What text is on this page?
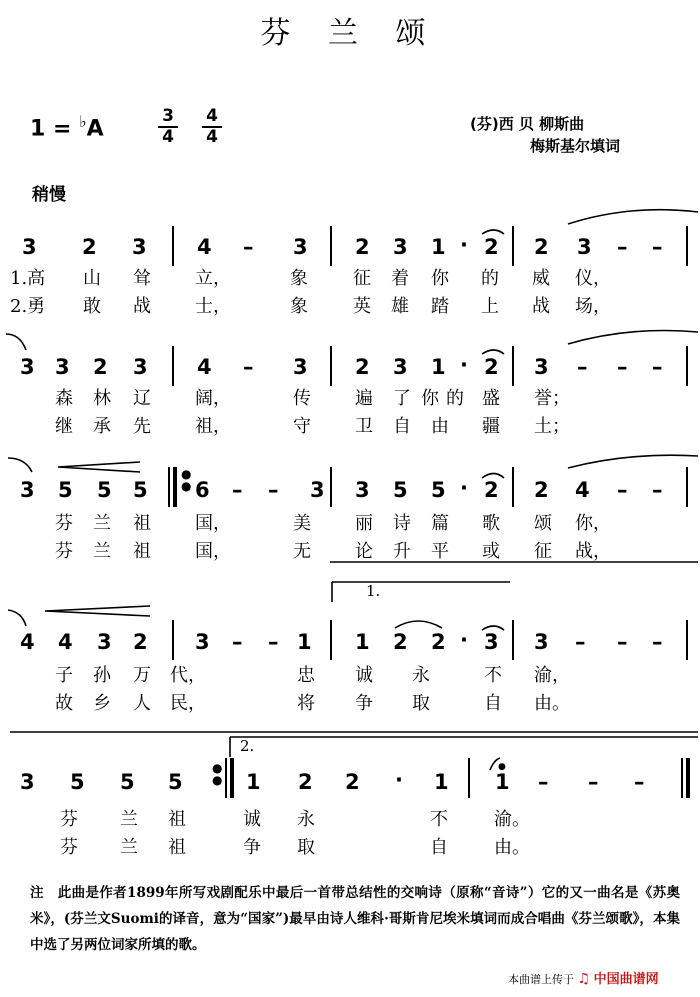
芬 兰 颂
1 = ♭A
3
4
4
4
(芬)西 贝 柳斯曲
梅斯基尔填词
稍慢
3 2 3 4 – 3 2 3 1 · 2 2 3 – –
1.高 山 耸 立，	象	征 着 你 的 威 仪，
2.勇 敢 战 士，	象	英 雄 踏 上 战 场，
3 3 2 3 4 – 3 2 3 1 · 2 3 – – –
森 林 辽 阔，	传 遍 了 你 的 盛 誉；
继 承 先 祖，	守 卫 自 由 疆 土；
3 5 5 5
●
● 6 – – 3 3 5 5 · 2 2 4 – –
芬 兰 祖 国，	美 丽 诗 篇 歌 颂 你，
芬 兰 祖 国，	无 论 升 平 或 征 战，
1.
4 4 3 2 3 – – 1 1 2 2 · 3 3 – – –
子 孙 万 代，	忠 诚 永	不 渝，
故 乡 人 民，	将 争 取	自 由。
2.
3 5 5 5
●
● 1 2 2 · 1 1
●
– – –
芬 兰 祖	诚 永	不	渝。
芬 兰 祖	争 取	自	由。
注　此曲是作者1899年所写戏剧配乐中最后一首带总结性的交响诗（原称“音诗”）它的又一曲名是《苏奥米》，(芬兰文Suomi的译音，意为“国家”)最早由诗人维科·哥斯肯尼埃米填词而成合唱曲《芬兰颂歌》，本集中选了另两位词家所填的歌。
本曲谱上传于 ♫ 中国曲谱网
